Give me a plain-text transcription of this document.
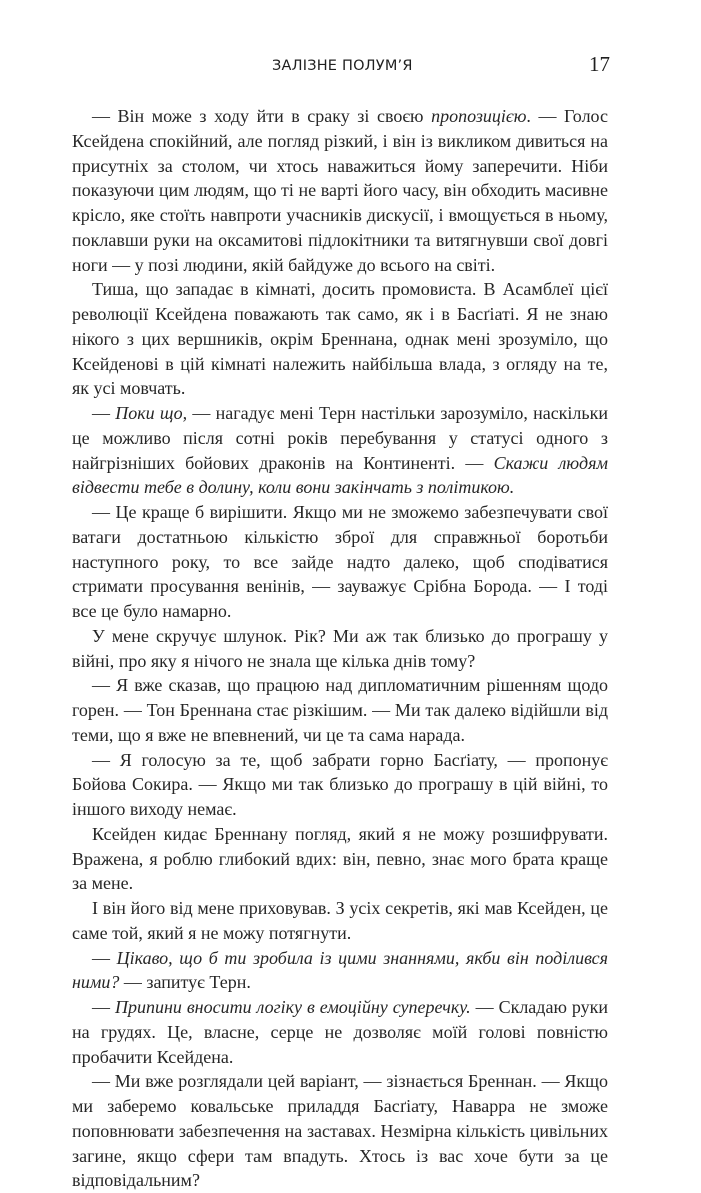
ЗАЛІЗНЕ ПОЛУМ’Я	17

— Він може з ходу йти в сраку зі своєю пропозицією. — Голос Ксейдена спокійний, але погляд різкий, і він із викликом дивиться на присутніх за столом, чи хтось наважиться йому заперечити. Ніби показуючи цим людям, що ті не варті його часу, він обходить масивне крісло, яке стоїть навпроти учасників дискусії, і вмощується в ньому, поклавши руки на оксамитові підлокітники та витягнувши свої довгі ноги — у позі людини, якій байдуже до всього на світі.

Тиша, що западає в кімнаті, досить промовиста. В Асамблеї цієї революції Ксейдена поважають так само, як і в Басґіаті. Я не знаю нікого з цих вершників, окрім Бреннана, однак мені зрозуміло, що Ксейденові в цій кімнаті належить найбільша влада, з огляду на те, як усі мовчать.

— Поки що, — нагадує мені Терн настільки зарозуміло, наскільки це можливо після сотні років перебування у статусі одного з найгрізніших бойових драконів на Континенті. — Скажи людям відвести тебе в долину, коли вони закінчать з політикою.

— Це краще б вирішити. Якщо ми не зможемо забезпечувати свої ватаги достатньою кількістю зброї для справжньої боротьби наступного року, то все зайде надто далеко, щоб сподіватися стримати просування венінів, — зауважує Срібна Борода. — І тоді все це було намарно.

У мене скручує шлунок. Рік? Ми аж так близько до програшу у війні, про яку я нічого не знала ще кілька днів тому?

— Я вже сказав, що працюю над дипломатичним рішенням щодо горен. — Тон Бреннана стає різкішим. — Ми так далеко відійшли від теми, що я вже не впевнений, чи це та сама нарада.

— Я голосую за те, щоб забрати горно Басґіату, — пропонує Бойова Сокира. — Якщо ми так близько до програшу в цій війні, то іншого виходу немає.

Ксейден кидає Бреннану погляд, який я не можу розшифрувати. Вражена, я роблю глибокий вдих: він, певно, знає мого брата краще за мене.

І він його від мене приховував. З усіх секретів, які мав Ксейден, це саме той, який я не можу потягнути.

— Цікаво, що б ти зробила із цими знаннями, якби він поділився ними? — запитує Терн.

— Припини вносити логіку в емоційну суперечку. — Складаю руки на грудях. Це, власне, серце не дозволяє моїй голові повністю пробачити Ксейдена.

— Ми вже розглядали цей варіант, — зізнається Бреннан. — Якщо ми заберемо ковальське приладдя Басґіату, Наварра не зможе поповнювати забезпечення на заставах. Незмірна кількість цивільних загине, якщо сфери там впадуть. Хтось із вас хоче бути за це відповідальним?
